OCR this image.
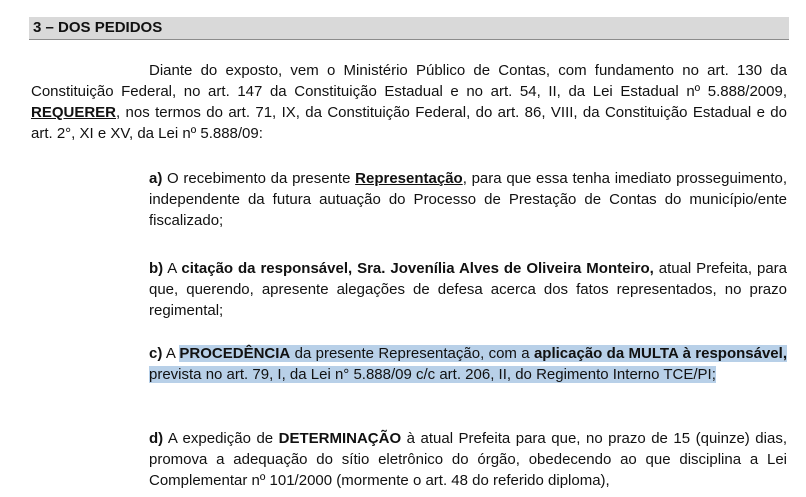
3 – DOS PEDIDOS

Diante do exposto, vem o Ministério Público de Contas, com fundamento no art. 130 da Constituição Federal, no art. 147 da Constituição Estadual e no art. 54, II, da Lei Estadual nº 5.888/2009, REQUERER, nos termos do art. 71, IX, da Constituição Federal, do art. 86, VIII, da Constituição Estadual e do art. 2°, XI e XV, da Lei nº 5.888/09:

a) O recebimento da presente Representação, para que essa tenha imediato prosseguimento, independente da futura autuação do Processo de Prestação de Contas do município/ente fiscalizado;

b) A citação da responsável, Sra. Jovenília Alves de Oliveira Monteiro, atual Prefeita, para que, querendo, apresente alegações de defesa acerca dos fatos representados, no prazo regimental;

c) A PROCEDÊNCIA da presente Representação, com a aplicação da MULTA à responsável, prevista no art. 79, I, da Lei n° 5.888/09 c/c art. 206, II, do Regimento Interno TCE/PI;

d) A expedição de DETERMINAÇÃO à atual Prefeita para que, no prazo de 15 (quinze) dias, promova a adequação do sítio eletrônico do órgão, obedecendo ao que disciplina a Lei Complementar nº 101/2000 (mormente o art. 48 do referido diploma),
